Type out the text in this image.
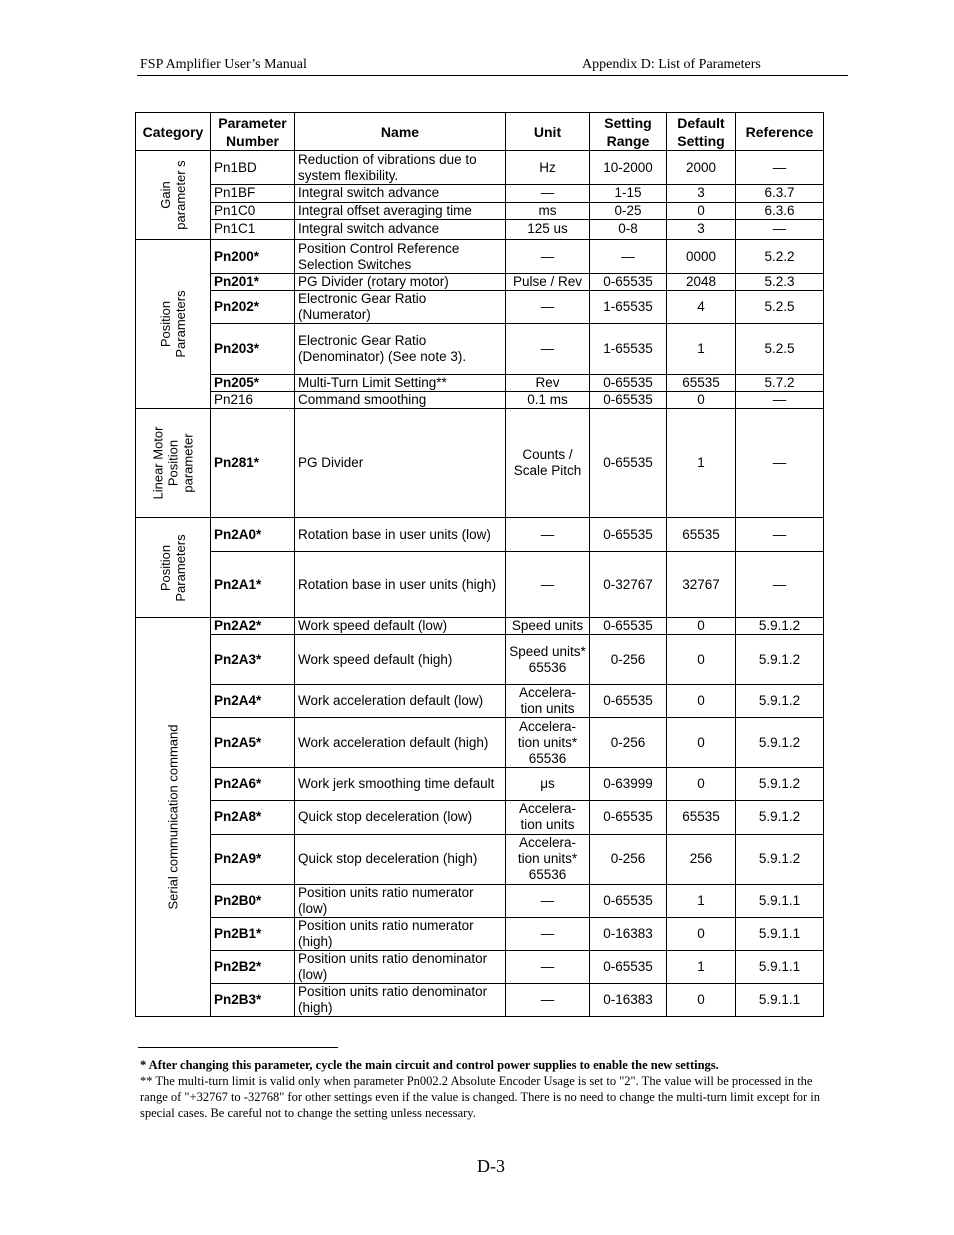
FSP Amplifier User’s Manual	Appendix D: List of Parameters
Category	Parameter Number	Name	Unit	Setting Range	Default Setting	Reference

Gain parameter s	Pn1BD	Reduction of vibrations due to system flexibility.	Hz	10-2000	2000	—
	Pn1BF	Integral switch advance	—	1-15	3	6.3.7
	Pn1C0	Integral offset averaging time	ms	0-25	0	6.3.6
	Pn1C1	Integral switch advance	125 us	0-8	3	—

Position Parameters	Pn200*	Position Control Reference Selection Switches	—	—	0000	5.2.2
	Pn201*	PG Divider (rotary motor)	Pulse / Rev	0-65535	2048	5.2.3
	Pn202*	Electronic Gear Ratio (Numerator)	—	1-65535	4	5.2.5
	Pn203*	Electronic Gear Ratio (Denominator) (See note 3).	—	1-65535	1	5.2.5
	Pn205*	Multi-Turn Limit Setting**	Rev	0-65535	65535	5.7.2
	Pn216	Command smoothing	0.1 ms	0-65535	0	—

Linear Motor Position parameter	Pn281*	PG Divider	Counts / Scale Pitch	0-65535	1	—

Position Parameters	Pn2A0*	Rotation base in user units (low)	—	0-65535	65535	—
	Pn2A1*	Rotation base in user units (high)	—	0-32767	32767	—

Serial communication command	Pn2A2*	Work speed default (low)	Speed units	0-65535	0	5.9.1.2
	Pn2A3*	Work speed default (high)	Speed units* 65536	0-256	0	5.9.1.2
	Pn2A4*	Work acceleration default (low)	Accelera- tion units	0-65535	0	5.9.1.2
	Pn2A5*	Work acceleration default (high)	Accelera- tion units* 65536	0-256	0	5.9.1.2
	Pn2A6*	Work jerk smoothing time default	μs	0-63999	0	5.9.1.2
	Pn2A8*	Quick stop deceleration (low)	Accelera- tion units	0-65535	65535	5.9.1.2
	Pn2A9*	Quick stop deceleration (high)	Accelera- tion units* 65536	0-256	256	5.9.1.2
	Pn2B0*	Position units ratio numerator (low)	—	0-65535	1	5.9.1.1
	Pn2B1*	Position units ratio numerator (high)	—	0-16383	0	5.9.1.1
	Pn2B2*	Position units ratio denominator (low)	—	0-65535	1	5.9.1.1
	Pn2B3*	Position units ratio denominator (high)	—	0-16383	0	5.9.1.1
* After changing this parameter, cycle the main circuit and control power supplies to enable the new settings.
** The multi-turn limit is valid only when parameter Pn002.2 Absolute Encoder Usage is set to "2". The value will be processed in the range of "+32767 to -32768" for other settings even if the value is changed. There is no need to change the multi-turn limit except for in special cases. Be careful not to change the setting unless necessary.
D-3
